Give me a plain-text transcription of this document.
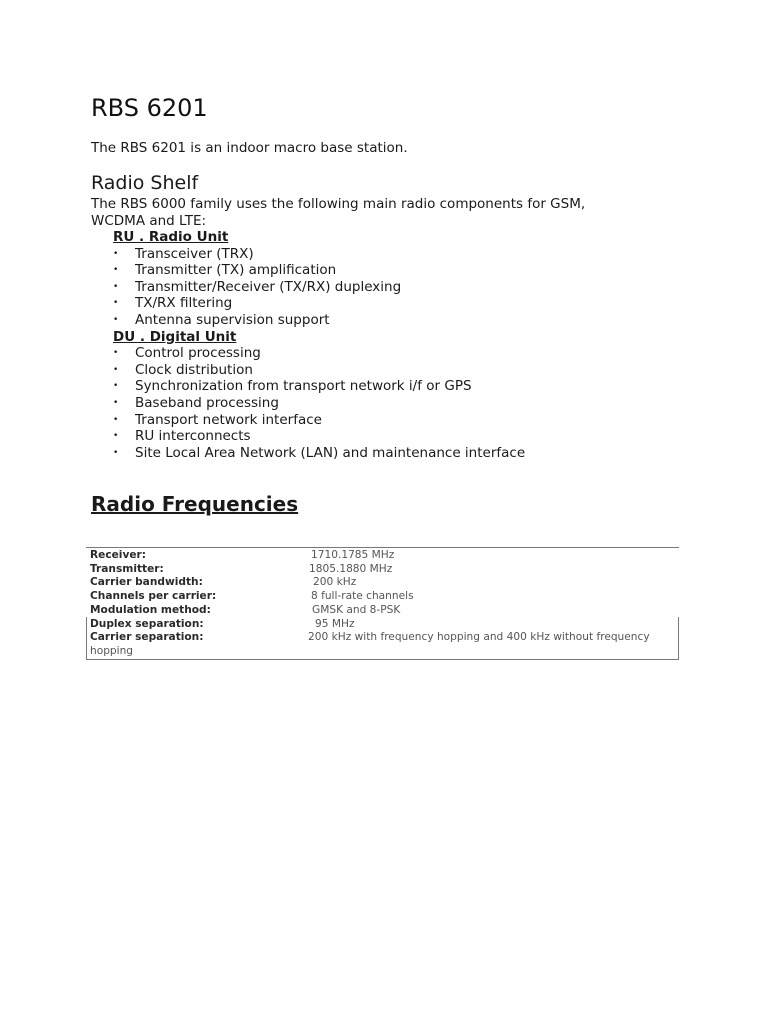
RBS 6201

The RBS 6201 is an indoor macro base station.

Radio Shelf

The RBS 6000 family uses the following main radio components for GSM,
WCDMA and LTE:

RU . Radio Unit
• Transceiver (TRX)
• Transmitter (TX) amplification
• Transmitter/Receiver (TX/RX) duplexing
• TX/RX filtering
• Antenna supervision support
DU . Digital Unit
• Control processing
• Clock distribution
• Synchronization from transport network i/f or GPS
• Baseband processing
• Transport network interface
• RU interconnects
• Site Local Area Network (LAN) and maintenance interface
Radio Frequencies
Receiver:	1710.1785 MHz
Transmitter:	1805.1880 MHz
Carrier bandwidth:	200 kHz
Channels per carrier:	8 full-rate channels
Modulation method:	GMSK and 8-PSK
Duplex separation:	95 MHz
Carrier separation:	200 kHz with frequency hopping and 400 kHz without frequency
hopping
